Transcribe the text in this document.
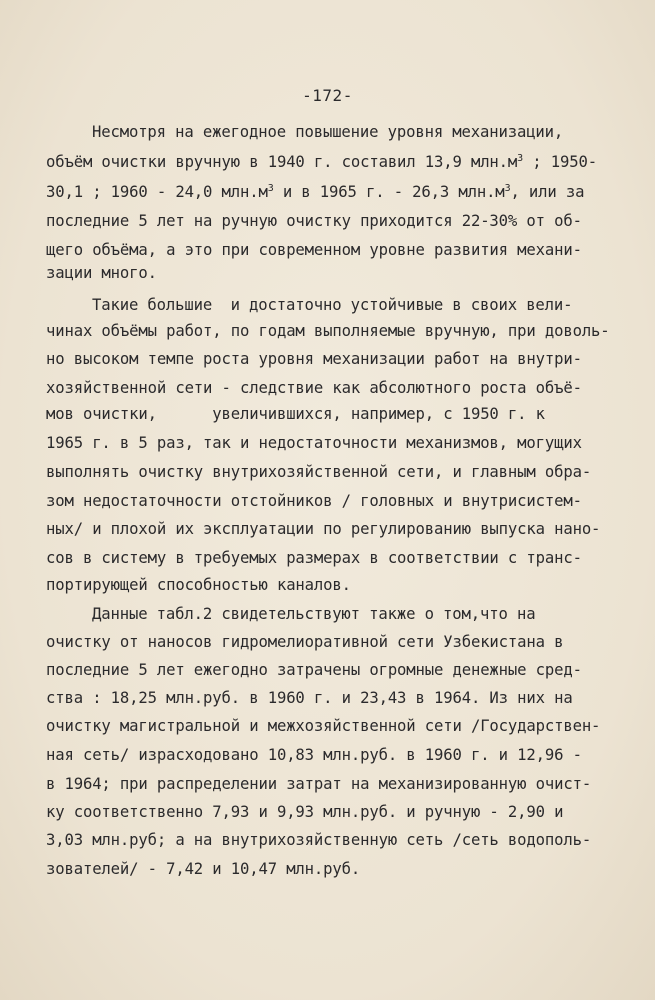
-172-
Несмотря на ежегодное повышение уровня механизации,
объём очистки вручную в 1940 г. составил 13,9 $млн.м^3$ ; 1950-
30,1 ; 1960 - 24,0 $млн.м^3$ и в 1965 г. - 26,3 $млн.м^3$, или за
последние 5 лет на ручную очистку приходится 22-30% от об-
щего объёма, а это при современном уровне развития механи-
зации много.
Такие большие  и достаточно устойчивые в своих вели-
чинах объёмы работ, по годам выполняемые вручную, при доволь-
но высоком темпе роста уровня механизации работ на внутри-
хозяйственной сети - следствие как абсолютного роста объё-
мов очистки,      увеличившихся, например, с 1950 г. к
1965 г. в 5 раз, так и недостаточности механизмов, могущих
выполнять очистку внутрихозяйственной сети, и главным обра-
зом недостаточности отстойников / головных и внутрисистем-
ных/ и плохой их эксплуатации по регулированию выпуска нано-
сов в систему в требуемых размерах в соответствии с транс-
портирующей способностью каналов.
Данные табл.2 свидетельствуют также о том,что на
очистку от наносов гидромелиоративной сети Узбекистана в
последние 5 лет ежегодно затрачены огромные денежные сред-
ства : 18,25 млн.руб. в 1960 г. и 23,43 в 1964. Из них на
очистку магистральной и межхозяйственной сети /Государствен-
ная сеть/ израсходовано 10,83 млн.руб. в 1960 г. и 12,96 -
в 1964; при распределении затрат на механизированную очист-
ку соответственно 7,93 и 9,93 млн.руб. и ручную - 2,90 и
3,03 млн.руб; а на внутрихозяйственную сеть /сеть водополь-
зователей/ - 7,42 и 10,47 млн.руб.
